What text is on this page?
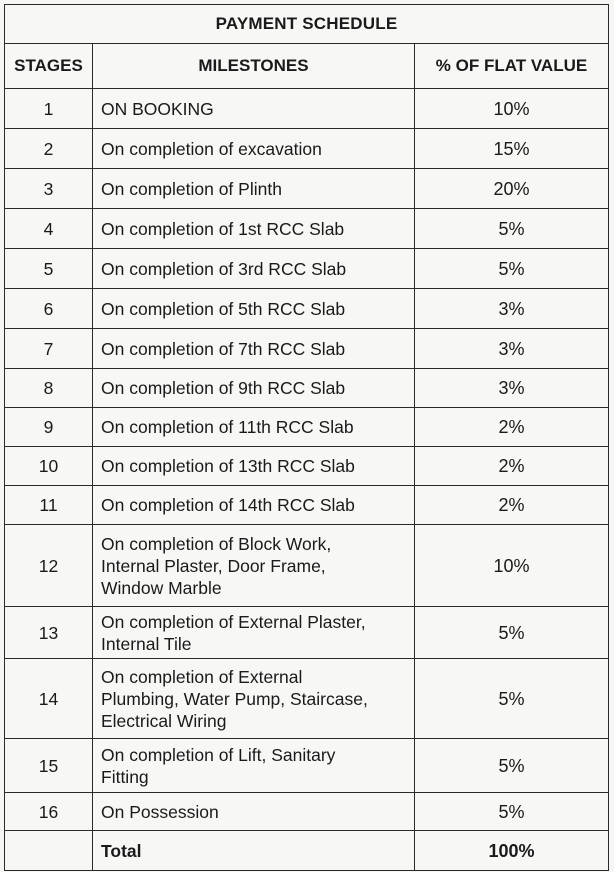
PAYMENT SCHEDULE		
STAGES	MILESTONES	% OF FLAT VALUE
1	ON BOOKING	10%
2	On completion of excavation	15%
3	On completion of Plinth	20%
4	On completion of 1st RCC Slab	5%
5	On completion of 3rd RCC Slab	5%
6	On completion of 5th RCC Slab	3%
7	On completion of 7th RCC Slab	3%
8	On completion of 9th RCC Slab	3%
9	On completion of 11th RCC Slab	2%
10	On completion of 13th RCC Slab	2%
11	On completion of 14th RCC Slab	2%
12	On completion of Block Work,
Internal Plaster, Door Frame,
Window Marble	10%
13	On completion of External Plaster,
Internal Tile	5%
14	On completion of External
Plumbing, Water Pump, Staircase,
Electrical Wiring	5%
15	On completion of Lift, Sanitary
Fitting	5%
16	On Possession	5%
	Total	100%
